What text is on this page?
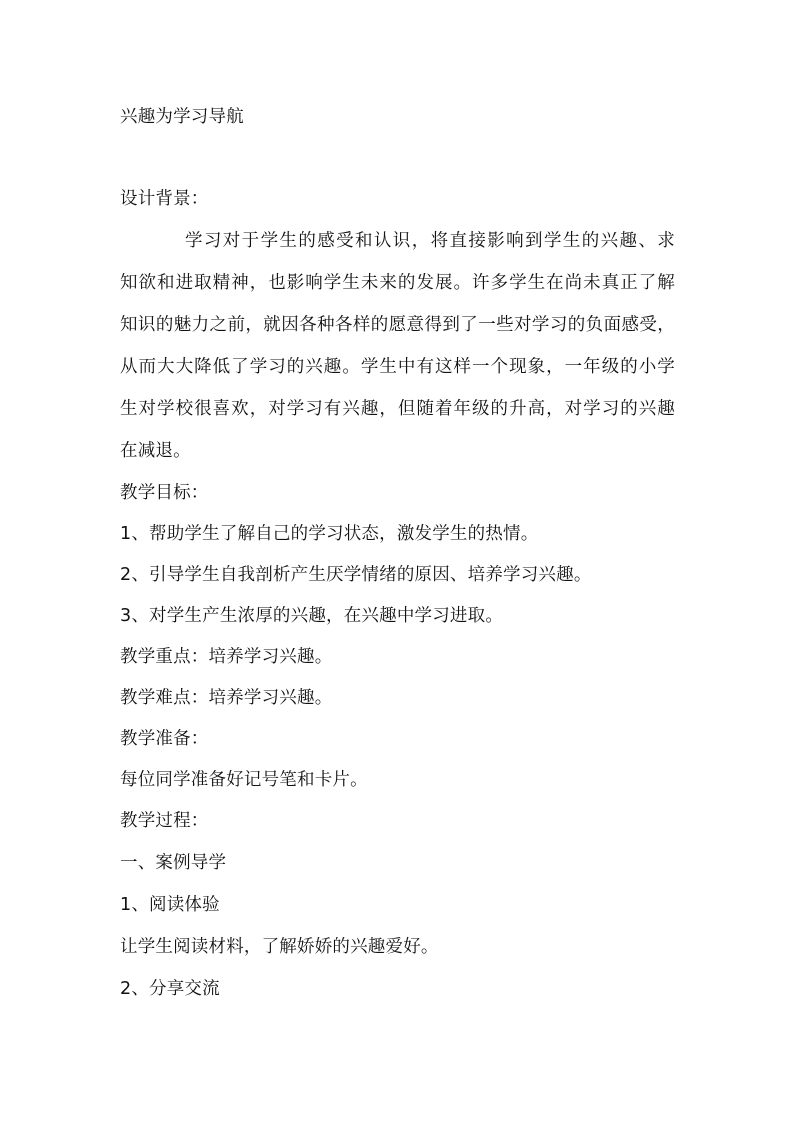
兴趣为学习导航
设计背景：
学习对于学生的感受和认识，将直接影响到学生的兴趣、求
知欲和进取精神，也影响学生未来的发展。许多学生在尚未真正了解
知识的魅力之前，就因各种各样的愿意得到了一些对学习的负面感受，
从而大大降低了学习的兴趣。学生中有这样一个现象，一年级的小学
生对学校很喜欢，对学习有兴趣，但随着年级的升高，对学习的兴趣
在减退。
教学目标：
1、帮助学生了解自己的学习状态，激发学生的热情。
2、引导学生自我剖析产生厌学情绪的原因、培养学习兴趣。
3、对学生产生浓厚的兴趣，在兴趣中学习进取。
教学重点：培养学习兴趣。
教学难点：培养学习兴趣。
教学准备：
每位同学准备好记号笔和卡片。
教学过程：
一、案例导学
1、阅读体验
让学生阅读材料，了解娇娇的兴趣爱好。
2、分享交流
